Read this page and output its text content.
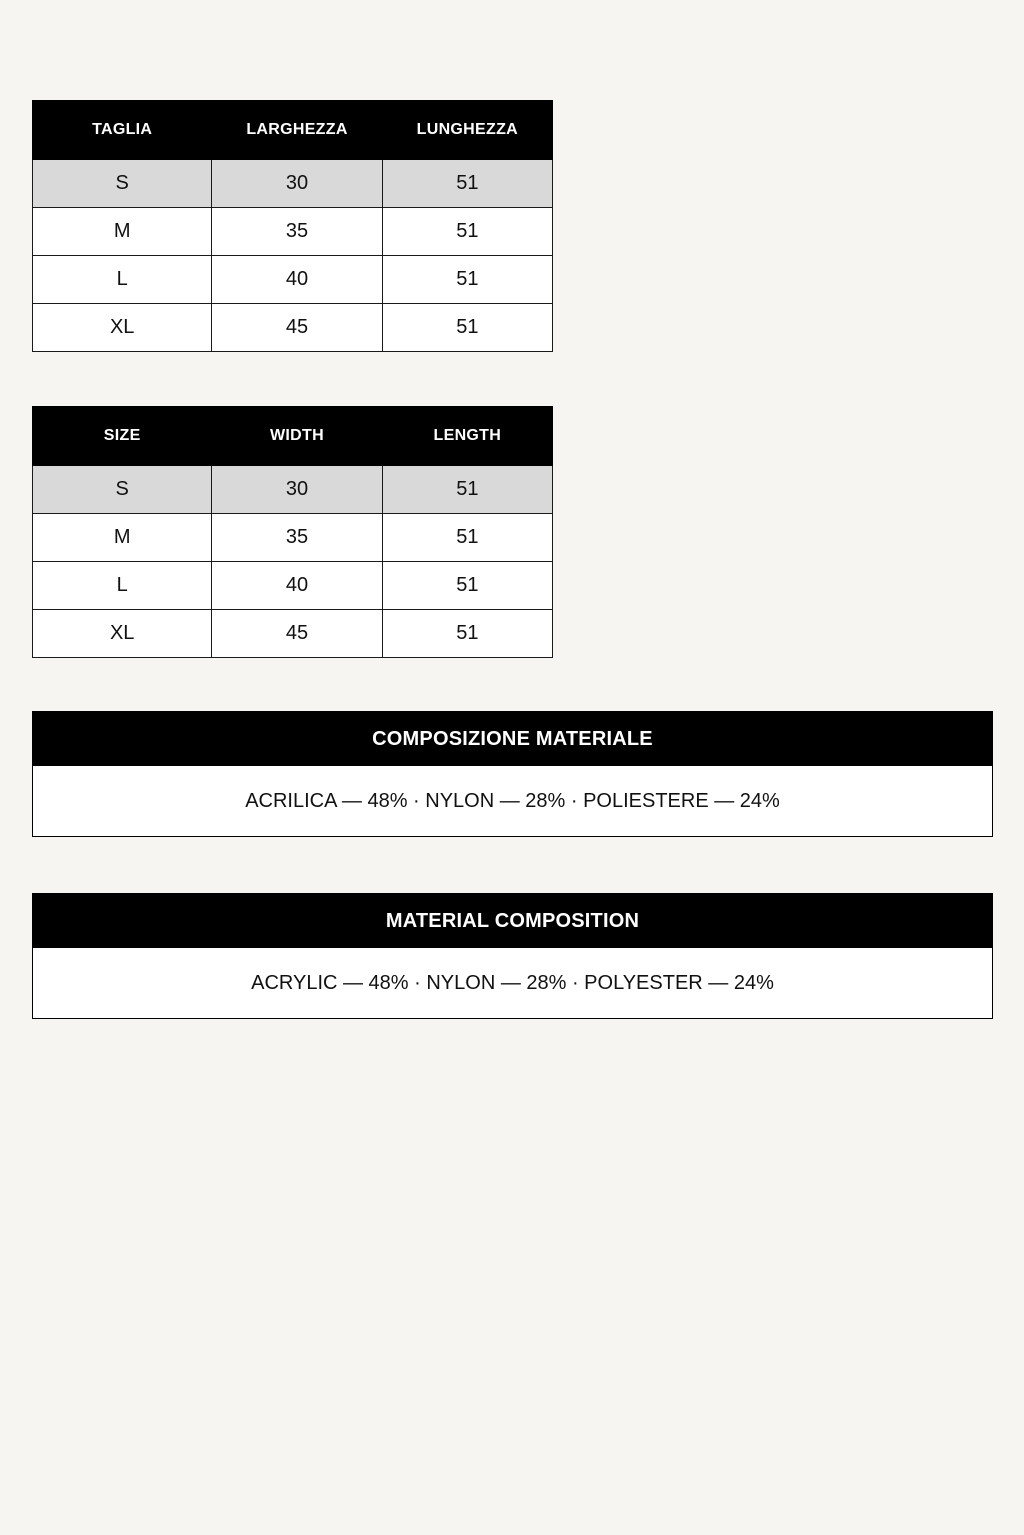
TAGLIA	LARGHEZZA	LUNGHEZZA
S	30	51
M	35	51
L	40	51
XL	45	51
SIZE	WIDTH	LENGTH
S	30	51
M	35	51
L	40	51
XL	45	51
COMPOSIZIONE MATERIALE
ACRILICA — 48% · NYLON — 28% · POLIESTERE — 24%
MATERIAL COMPOSITION
ACRYLIC — 48% · NYLON — 28% · POLYESTER — 24%
